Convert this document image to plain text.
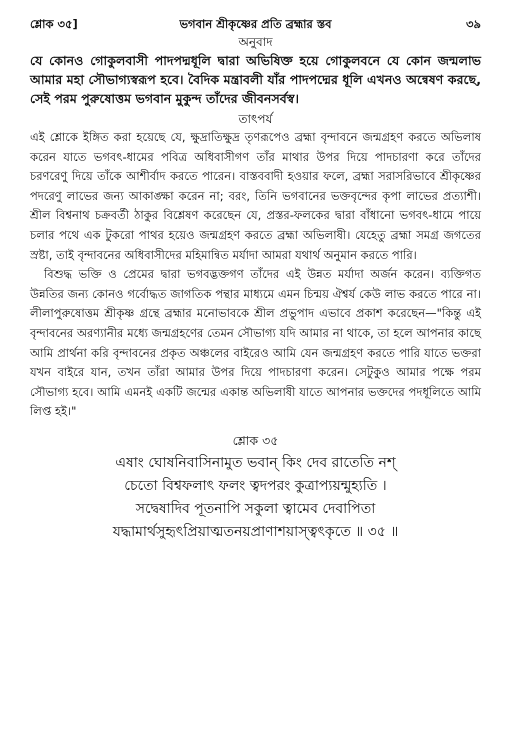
শ্লোক ৩৫]	ভগবান শ্রীকৃষ্ণের প্রতি ব্রহ্মার স্তব	৩৯
অনুবাদ

যে কোনও গোকুলবাসী পাদপদ্মধূলি দ্বারা অভিষিক্ত হয়ে গোকুলবনে যে কোন জন্মলাভ আমার মহা সৌভাগ্যস্বরূপ হবে। বৈদিক মন্ত্রাবলী যাঁর পাদপদ্মের ধূলি এখনও অন্বেষণ করছে, সেই পরম পুরুষোত্তম ভগবান মুকুন্দ তাঁদের জীবনসর্বস্ব।

তাৎপর্য

এই শ্লোকে ইঙ্গিত করা হয়েছে যে, ক্ষুদ্রাতিক্ষুদ্র তৃণরূপেও ব্রহ্মা বৃন্দাবনে জন্মগ্রহণ করতে অভিলাষ করেন যাতে ভগবৎ-ধামের পবিত্র অধিবাসীগণ তাঁর মাথার উপর দিয়ে পাদচারণা করে তাঁদের চরণরেণু দিয়ে তাঁকে আশীর্বাদ করতে পারেন। বাস্তববাদী হওয়ার ফলে, ব্রহ্মা সরাসরিভাবে শ্রীকৃষ্ণের পদরেণু লাভের জন্য আকাঙ্ক্ষা করেন না; বরং, তিনি ভগবানের ভক্তবৃন্দের কৃপা লাভের প্রত্যাশী। শ্রীল বিশ্বনাথ চক্রবর্তী ঠাকুর বিশ্লেষণ করেছেন যে, প্রস্তর-ফলকের দ্বারা বাঁধানো ভগবৎ-ধামে পায়ে চলার পথে এক টুকরো পাথর হয়েও জন্মগ্রহণ করতে ব্রহ্মা অভিলাষী। যেহেতু ব্রহ্মা সমগ্র জগতের স্রষ্টা, তাই বৃন্দাবনের অধিবাসীদের মহিমান্বিত মর্যাদা আমরা যথার্থ অনুমান করতে পারি।

বিশুদ্ধ ভক্তি ও প্রেমের দ্বারা ভগবদ্ভক্তগণ তাঁদের এই উন্নত মর্যাদা অর্জন করেন। ব্যক্তিগত উন্নতির জন্য কোনও গর্বোদ্ধত জাগতিক পন্থার মাধ্যমে এমন চিন্ময় ঐশ্বর্য কেউ লাভ করতে পারে না। লীলাপুরুষোত্তম শ্রীকৃষ্ণ গ্রন্থে ব্রহ্মার মনোভাবকে শ্রীল প্রভুপাদ এভাবে প্রকাশ করেছেন—"কিন্তু এই বৃন্দাবনের অরণ্যানীর মধ্যে জন্মগ্রহণের তেমন সৌভাগ্য যদি আমার না থাকে, তা হলে আপনার কাছে আমি প্রার্থনা করি বৃন্দাবনের প্রকৃত অঞ্চলের বাইরেও আমি যেন জন্মগ্রহণ করতে পারি যাতে ভক্তরা যখন বাইরে যান, তখন তাঁরা আমার উপর দিয়ে পাদচারণা করেন। সেটুকুও আমার পক্ষে পরম সৌভাগ্য হবে। আমি এমনই একটি জন্মের একান্ত অভিলাষী যাতে আপনার ভক্তদের পদধূলিতে আমি লিপ্ত হই।"

শ্লোক ৩৫
এষাং ঘোষনিবাসিনামুত ভবান্ কিং দেব রাতেতি নশ্
চেতো বিশ্বফলাৎ ফলং ত্বদপরং কুত্রাপ্যয়ন্মুহ্যতি ।
সদ্বেষাদিব পূতনাপি সকুলা ত্বামেব দেবাপিতা
যদ্ধামার্থসুহৃৎপ্রিয়াত্মতনয়প্রাণাশয়াস্ত্বৎকৃতে ॥ ৩৫ ॥
